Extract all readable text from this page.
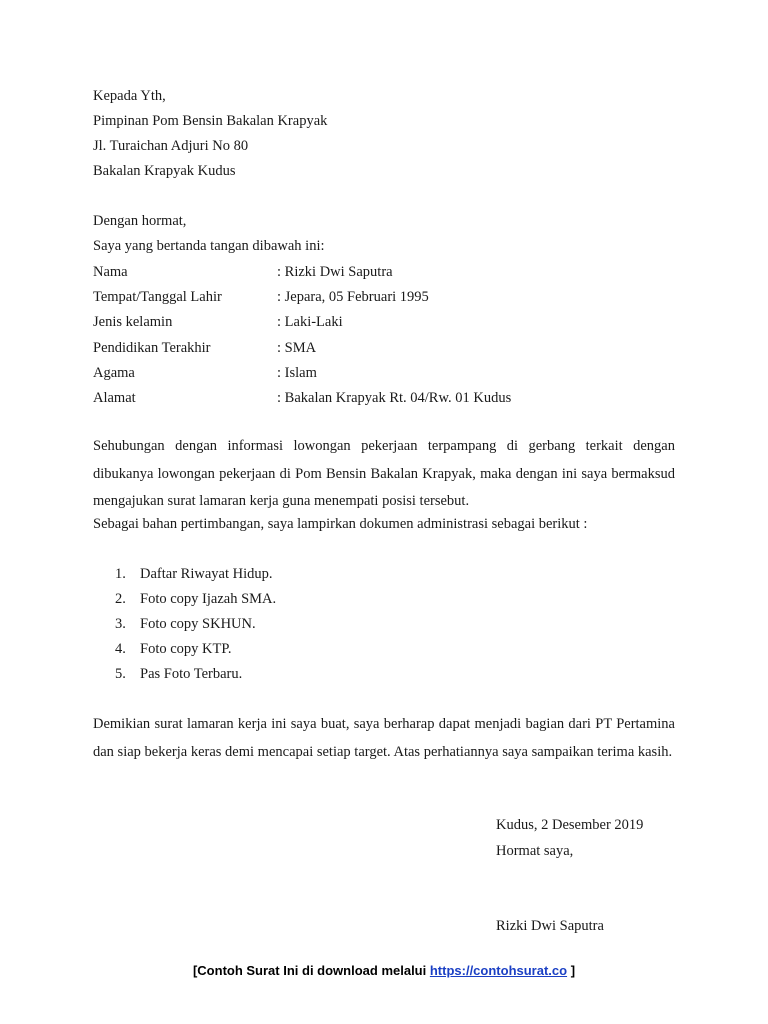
Kepada Yth,
Pimpinan Pom Bensin Bakalan Krapyak
Jl. Turaichan Adjuri No 80
Bakalan Krapyak Kudus
Dengan hormat,
Saya yang bertanda tangan dibawah ini:
Nama	: Rizki Dwi Saputra
Tempat/Tanggal Lahir	: Jepara, 05 Februari 1995
Jenis kelamin	: Laki-Laki
Pendidikan Terakhir	: SMA
Agama	: Islam
Alamat	: Bakalan Krapyak Rt. 04/Rw. 01 Kudus
Sehubungan dengan informasi lowongan pekerjaan terpampang di gerbang terkait dengan dibukanya lowongan pekerjaan di Pom Bensin Bakalan Krapyak, maka dengan ini saya bermaksud mengajukan surat lamaran kerja guna menempati posisi tersebut.
Sebagai bahan pertimbangan, saya lampirkan dokumen administrasi sebagai berikut :
1. Daftar Riwayat Hidup.
2. Foto copy Ijazah SMA.
3. Foto copy SKHUN.
4. Foto copy KTP.
5. Pas Foto Terbaru.
Demikian surat lamaran kerja ini saya buat, saya berharap dapat menjadi bagian dari PT Pertamina dan siap bekerja keras demi mencapai setiap target. Atas perhatiannya saya sampaikan terima kasih.
Kudus, 2 Desember 2019
Hormat saya,
Rizki Dwi Saputra
[Contoh Surat Ini di download melalui https://contohsurat.co ]
